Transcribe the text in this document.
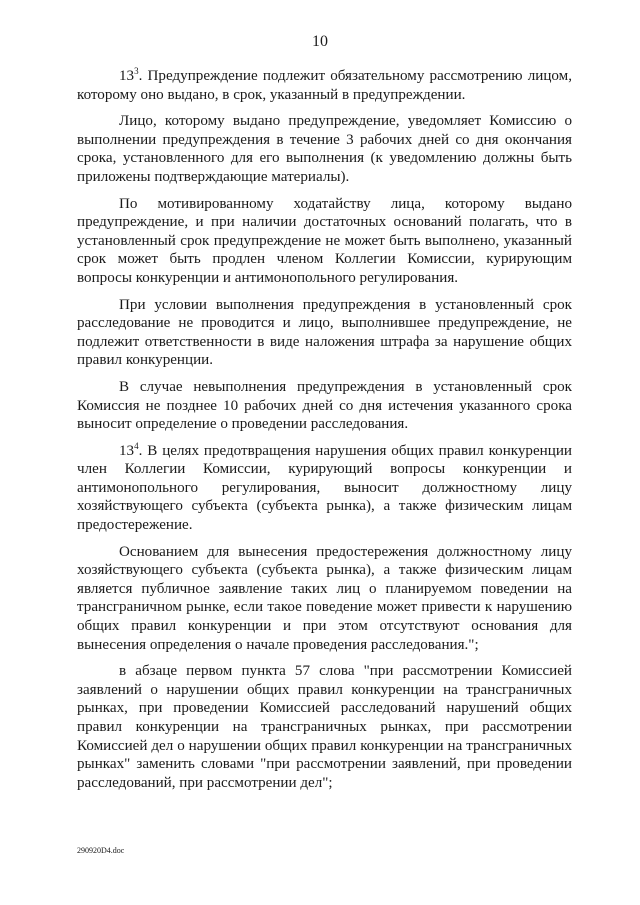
10

$13^3$. Предупреждение подлежит обязательному рассмотрению лицом, которому оно выдано, в срок, указанный в предупреждении.

Лицо, которому выдано предупреждение, уведомляет Комиссию о выполнении предупреждения в течение 3 рабочих дней со дня окончания срока, установленного для его выполнения (к уведомлению должны быть приложены подтверждающие материалы).

По мотивированному ходатайству лица, которому выдано предупреждение, и при наличии достаточных оснований полагать, что в установленный срок предупреждение не может быть выполнено, указанный срок может быть продлен членом Коллегии Комиссии, курирующим вопросы конкуренции и антимонопольного регулирования.

При условии выполнения предупреждения в установленный срок расследование не проводится и лицо, выполнившее предупреждение, не подлежит ответственности в виде наложения штрафа за нарушение общих правил конкуренции.

В случае невыполнения предупреждения в установленный срок Комиссия не позднее 10 рабочих дней со дня истечения указанного срока выносит определение о проведении расследования.

$13^4$. В целях предотвращения нарушения общих правил конкуренции член Коллегии Комиссии, курирующий вопросы конкуренции и антимонопольного регулирования, выносит должностному лицу хозяйствующего субъекта (субъекта рынка), а также физическим лицам предостережение.

Основанием для вынесения предостережения должностному лицу хозяйствующего субъекта (субъекта рынка), а также физическим лицам является публичное заявление таких лиц о планируемом поведении на трансграничном рынке, если такое поведение может привести к нарушению общих правил конкуренции и при этом отсутствуют основания для вынесения определения о начале проведения расследования.";

в абзаце первом пункта 57 слова "при рассмотрении Комиссией заявлений о нарушении общих правил конкуренции на трансграничных рынках, при проведении Комиссией расследований нарушений общих правил конкуренции на трансграничных рынках, при рассмотрении Комиссией дел о нарушении общих правил конкуренции на трансграничных рынках" заменить словами "при рассмотрении заявлений, при проведении расследований, при рассмотрении дел";

290920D4.doc
